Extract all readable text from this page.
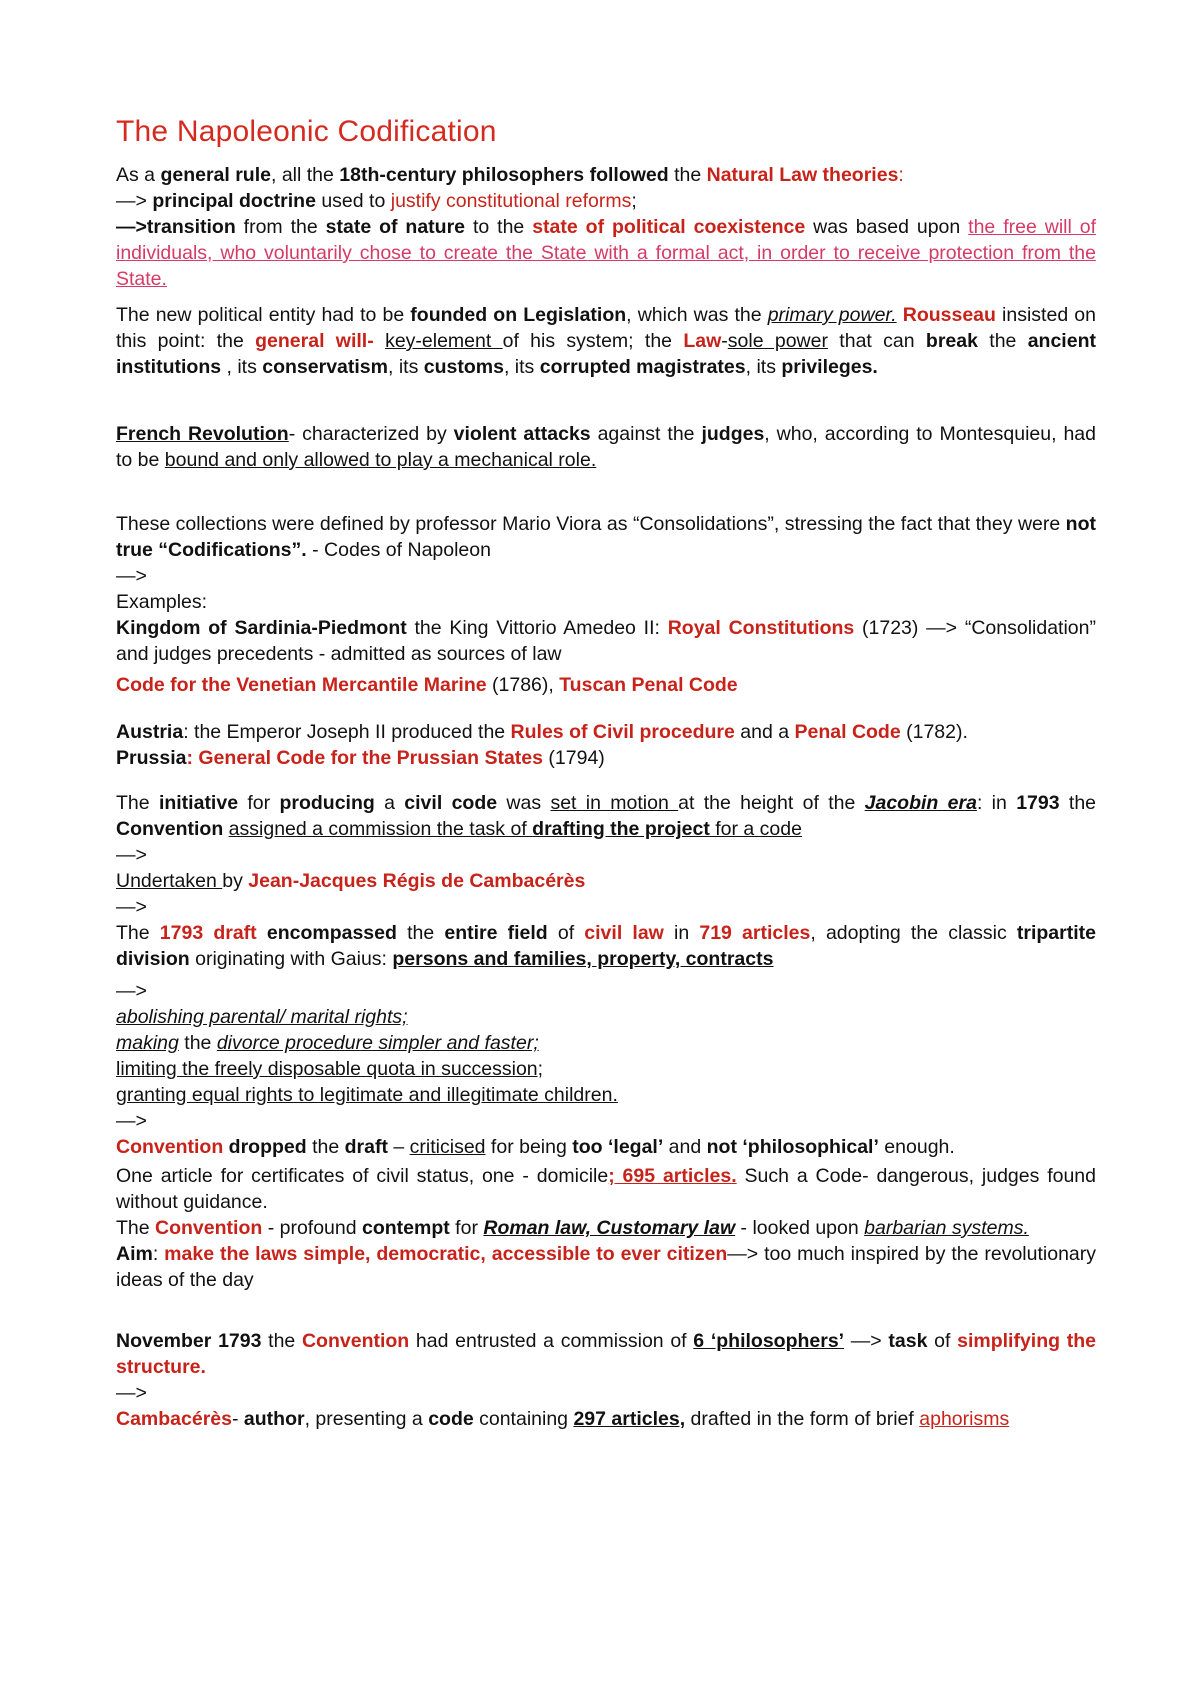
The Napoleonic Codification
As a general rule, all the 18th-century philosophers followed the Natural Law theories:
—> principal doctrine used to justify constitutional reforms;
—>transition from the state of nature to the state of political coexistence was based upon the free will of individuals, who voluntarily chose to create the State with a formal act, in order to receive protection from the State.
The new political entity had to be founded on Legislation, which was the primary power. Rousseau insisted on this point: the general will- key-element of his system; the Law-sole power that can break the ancient institutions , its conservatism, its customs, its corrupted magistrates, its privileges.
French Revolution- characterized by violent attacks against the judges, who, according to Montesquieu, had to be bound and only allowed to play a mechanical role.
These collections were defined by professor Mario Viora as “Consolidations”, stressing the fact that they were not true “Codifications”. - Codes of Napoleon
—>
Examples:
Kingdom of Sardinia-Piedmont the King Vittorio Amedeo II: Royal Constitutions (1723) —> “Consolidation” and judges precedents - admitted as sources of law
Code for the Venetian Mercantile Marine (1786), Tuscan Penal Code
Austria: the Emperor Joseph II produced the Rules of Civil procedure and a Penal Code (1782).
Prussia: General Code for the Prussian States (1794)
The initiative for producing a civil code was set in motion at the height of the Jacobin era: in 1793 the Convention assigned a commission the task of drafting the project for a code
—>
Undertaken by Jean-Jacques Régis de Cambacérès
—>
The 1793 draft encompassed the entire field of civil law in 719 articles, adopting the classic tripartite division originating with Gaius: persons and families, property, contracts
—>
abolishing parental/ marital rights;
making the divorce procedure simpler and faster;
limiting the freely disposable quota in succession;
granting equal rights to legitimate and illegitimate children.
—>
Convention dropped the draft – criticised for being too ‘legal’ and not ‘philosophical’ enough.
One article for certificates of civil status, one - domicile; 695 articles. Such a Code- dangerous, judges found without guidance.
The Convention - profound contempt for Roman law, Customary law - looked upon barbarian systems.
Aim: make the laws simple, democratic, accessible to ever citizen—> too much inspired by the revolutionary ideas of the day
November 1793 the Convention had entrusted a commission of 6 ‘philosophers’ —> task of simplifying the structure.
—>
Cambacérès- author, presenting a code containing 297 articles, drafted in the form of brief aphorisms
